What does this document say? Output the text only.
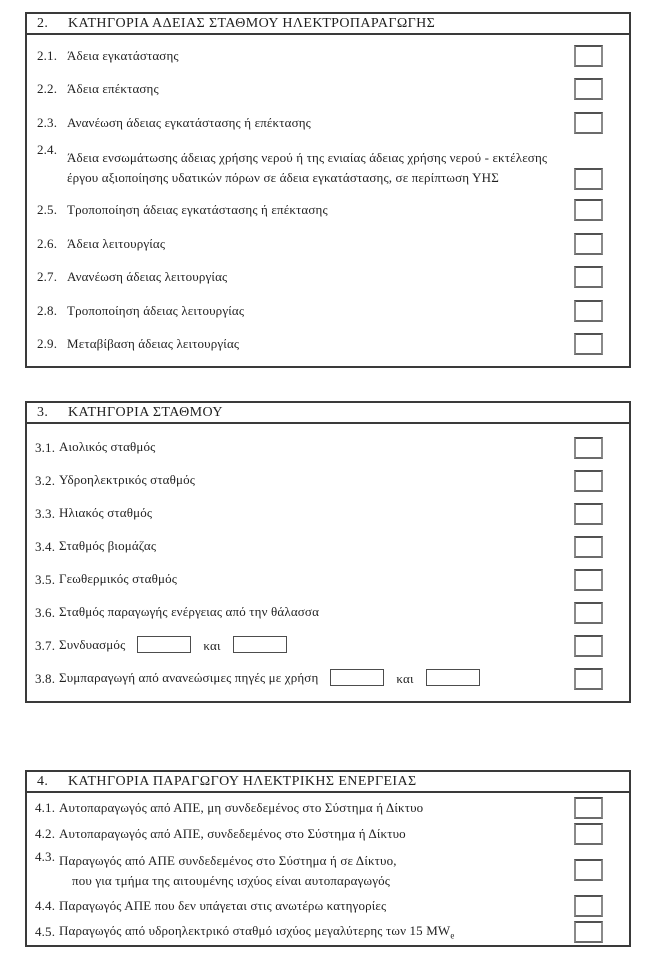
2.	ΚΑΤΗΓΟΡΙΑ ΑΔΕΙΑΣ ΣΤΑΘΜΟΥ ΗΛΕΚΤΡΟΠΑΡΑΓΩΓΗΣ
2.1. Άδεια εγκατάστασης
2.2. Άδεια επέκτασης
2.3. Ανανέωση άδειας εγκατάστασης ή επέκτασης
2.4.
Άδεια ενσωμάτωσης άδειας χρήσης νερού ή της ενιαίας άδειας χρήσης νερού - εκτέλεσης
έργου αξιοποίησης υδατικών πόρων σε άδεια εγκατάστασης, σε περίπτωση ΥΗΣ
2.5. Τροποποίηση άδειας εγκατάστασης ή επέκτασης
2.6. Άδεια λειτουργίας
2.7. Ανανέωση άδειας λειτουργίας
2.8. Τροποποίηση άδειας λειτουργίας
2.9. Μεταβίβαση άδειας λειτουργίας
3.	ΚΑΤΗΓΟΡΙΑ ΣΤΑΘΜΟΥ
3.1. Αιολικός σταθμός
3.2. Υδροηλεκτρικός σταθμός
3.3. Ηλιακός σταθμός
3.4. Σταθμός βιομάζας
3.5. Γεωθερμικός σταθμός
3.6. Σταθμός παραγωγής ενέργειας από την θάλασσα
3.7. Συνδυασμός	και
3.8. Συμπαραγωγή από ανανεώσιμες πηγές με χρήση	και
4.	ΚΑΤΗΓΟΡΙΑ ΠΑΡΑΓΩΓΟΥ ΗΛΕΚΤΡΙΚΗΣ ΕΝΕΡΓΕΙΑΣ
4.1. Αυτοπαραγωγός από ΑΠΕ, μη συνδεδεμένος στο Σύστημα ή Δίκτυο
4.2. Αυτοπαραγωγός από ΑΠΕ, συνδεδεμένος στο Σύστημα ή Δίκτυο
4.3. Παραγωγός από ΑΠΕ συνδεδεμένος στο Σύστημα ή σε Δίκτυο,
που για τμήμα της αιτουμένης ισχύος είναι αυτοπαραγωγός
4.4. Παραγωγός ΑΠΕ που δεν υπάγεται στις ανωτέρω κατηγορίες
4.5. Παραγωγός από υδροηλεκτρικό σταθμό ισχύος μεγαλύτερης των 15 $MW_e$
